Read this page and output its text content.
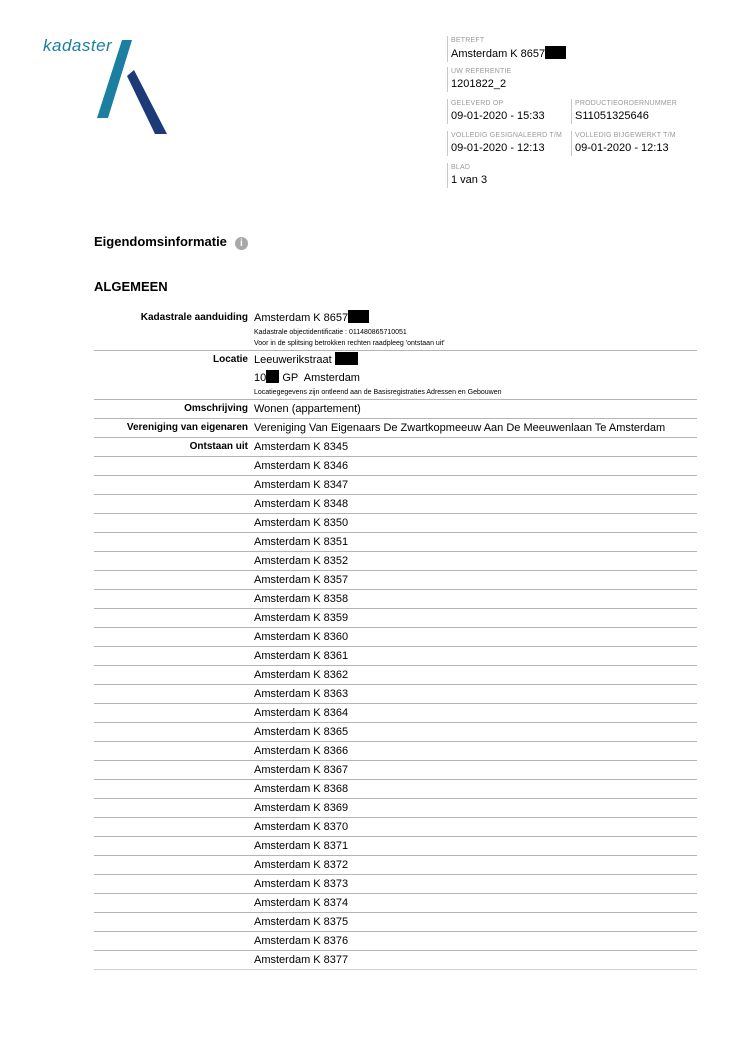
kadaster	BETREFT
Amsterdam K 8657
UW REFERENTIE
1201822_2
GELEVERD OP
09-01-2020 - 15:33
PRODUCTIEORDERNUMMER
S11051325646
VOLLEDIG GESIGNALEERD T/M
09-01-2020 - 12:13
VOLLEDIG BIJGEWERKT T/M
09-01-2020 - 12:13
BLAD
1 van 3
Eigendomsinformatie i
ALGEMEEN
Kadastrale aanduiding Amsterdam K 8657
Kadastrale objectidentificatie : 011480865710051
Voor in de splitsing betrokken rechten raadpleeg 'ontstaan uit'
Locatie Leeuwerikstraat
10 GP Amsterdam
Locatiegegevens zijn ontleend aan de Basisregistraties Adressen en Gebouwen
Omschrijving Wonen (appartement)
Vereniging van eigenaren Vereniging Van Eigenaars De Zwartkopmeeuw Aan De Meeuwenlaan Te Amsterdam
Ontstaan uit Amsterdam K 8345
Amsterdam K 8346
Amsterdam K 8347
Amsterdam K 8348
Amsterdam K 8350
Amsterdam K 8351
Amsterdam K 8352
Amsterdam K 8357
Amsterdam K 8358
Amsterdam K 8359
Amsterdam K 8360
Amsterdam K 8361
Amsterdam K 8362
Amsterdam K 8363
Amsterdam K 8364
Amsterdam K 8365
Amsterdam K 8366
Amsterdam K 8367
Amsterdam K 8368
Amsterdam K 8369
Amsterdam K 8370
Amsterdam K 8371
Amsterdam K 8372
Amsterdam K 8373
Amsterdam K 8374
Amsterdam K 8375
Amsterdam K 8376
Amsterdam K 8377
